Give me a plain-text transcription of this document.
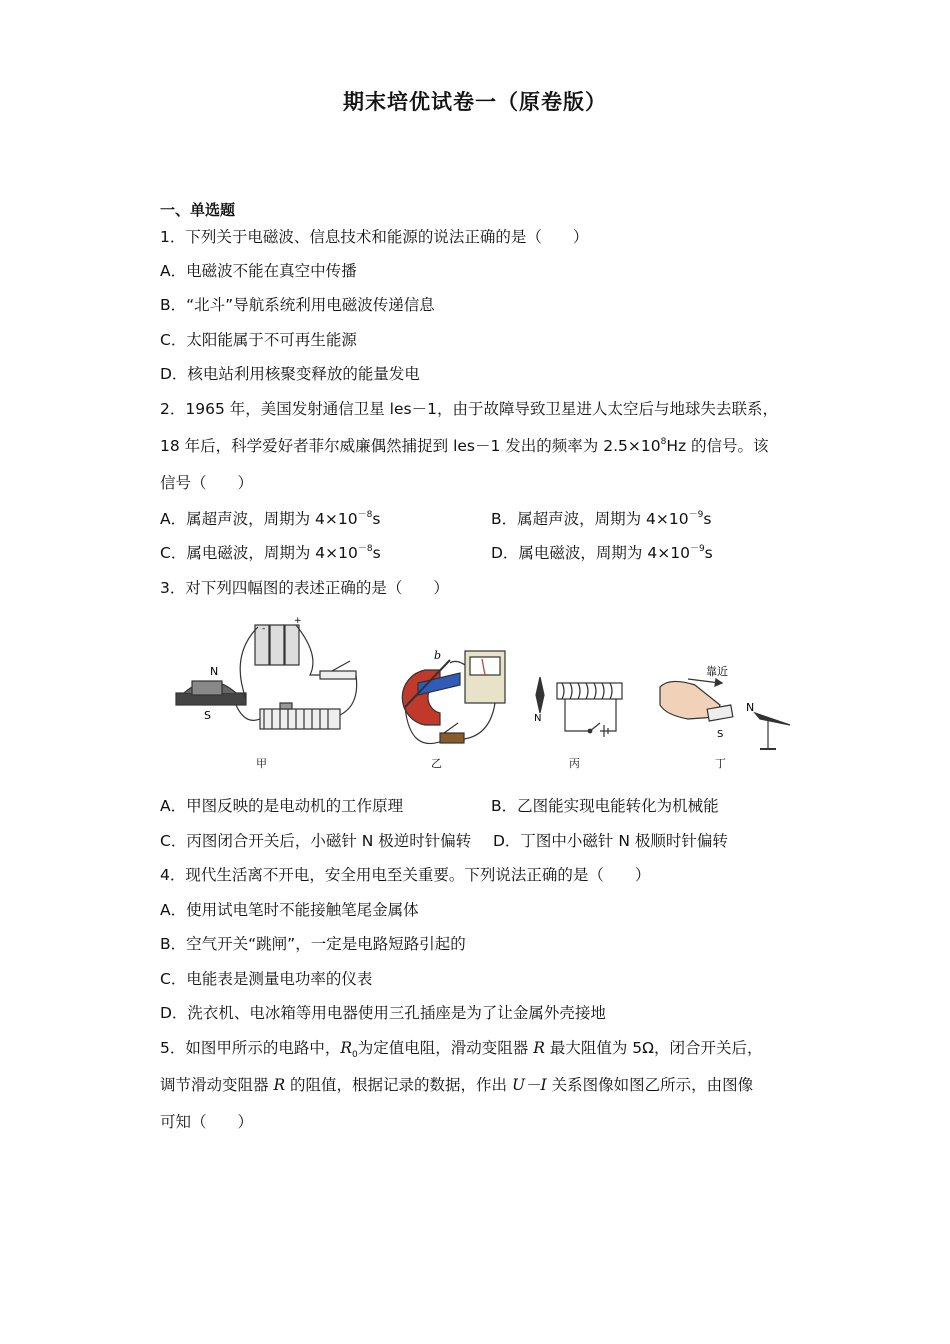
期末培优试卷一（原卷版）
一、单选题
1．下列关于电磁波、信息技术和能源的说法正确的是（　　）
A．电磁波不能在真空中传播
B．“北斗”导航系统利用电磁波传递信息
C．太阳能属于不可再生能源
D．核电站利用核聚变释放的能量发电
2．1965 年，美国发射通信卫星 les－1，由于故障导致卫星进人太空后与地球失去联系，
18 年后，科学爱好者菲尔威廉偶然捕捉到 les－1 发出的频率为 $2.5\times 10^8Hz$ 的信号。该
信号（　　）
A．属超声波，周期为 $4\times 10^{-8}s$	B．属超声波，周期为 $4\times 10^{-9}s$
C．属电磁波，周期为 $4\times 10^{-8}s$	D．属电磁波，周期为 $4\times 10^{-9}s$
3．对下列四幅图的表述正确的是（　　）
N
S
-
+
b
N
靠近
N
S
甲	乙	丙	丁
A．甲图反映的是电动机的工作原理	B．乙图能实现电能转化为机械能
C．丙图闭合开关后，小磁针 N 极逆时针偏转 D．丁图中小磁针 N 极顺时针偏转
4．现代生活离不开电，安全用电至关重要。下列说法正确的是（　　）
A．使用试电笔时不能接触笔尾金属体
B．空气开关“跳闸”，一定是电路短路引起的
C．电能表是测量电功率的仪表
D．洗衣机、电冰箱等用电器使用三孔插座是为了让金属外壳接地
5．如图甲所示的电路中，$R_0$为定值电阻，滑动变阻器 R 最大阻值为 5Ω，闭合开关后，
调节滑动变阻器 R 的阻值，根据记录的数据，作出 U－I 关系图像如图乙所示，由图像
可知（　　）
